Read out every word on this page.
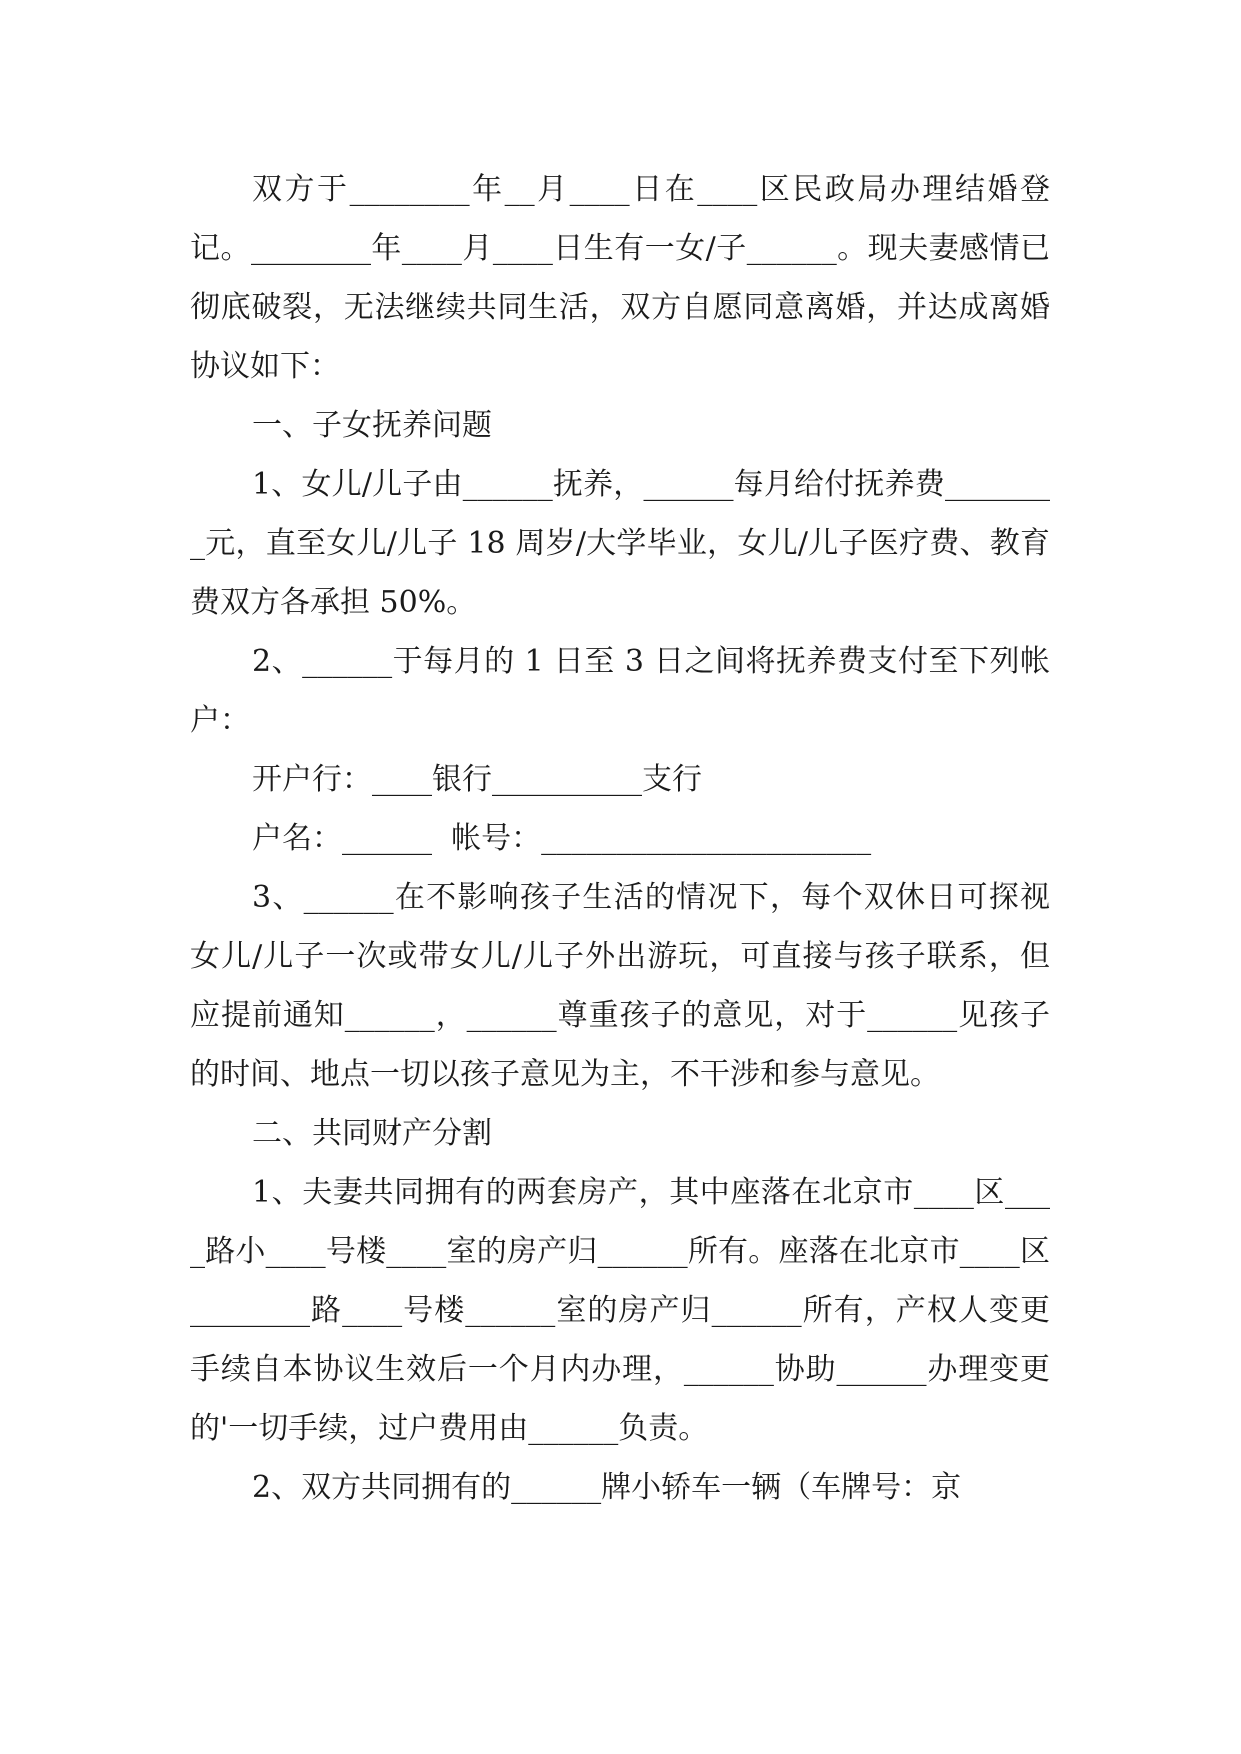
双方于________年__月____日在____区民政局办理结婚登记。________年____月____日生有一女/子______。现夫妻感情已彻底破裂，无法继续共同生活，双方自愿同意离婚，并达成离婚协议如下：

一、子女抚养问题

1、女儿/儿子由______抚养，______每月给付抚养费________元，直至女儿/儿子 18 周岁/大学毕业，女儿/儿子医疗费、教育费双方各承担 50%。

2、______于每月的 1 日至 3 日之间将抚养费支付至下列帐户：

开户行：____银行__________支行

户名：______  帐号：______________________

3、______在不影响孩子生活的情况下，每个双休日可探视女儿/儿子一次或带女儿/儿子外出游玩，可直接与孩子联系，但应提前通知______，______尊重孩子的意见，对于______见孩子的时间、地点一切以孩子意见为主，不干涉和参与意见。

二、共同财产分割

1、夫妻共同拥有的两套房产，其中座落在北京市____区____路小____号楼____室的房产归______所有。座落在北京市____区________路____号楼______室的房产归______所有，产权人变更手续自本协议生效后一个月内办理，______协助______办理变更的'一切手续，过户费用由______负责。

2、双方共同拥有的______牌小轿车一辆（车牌号：京
